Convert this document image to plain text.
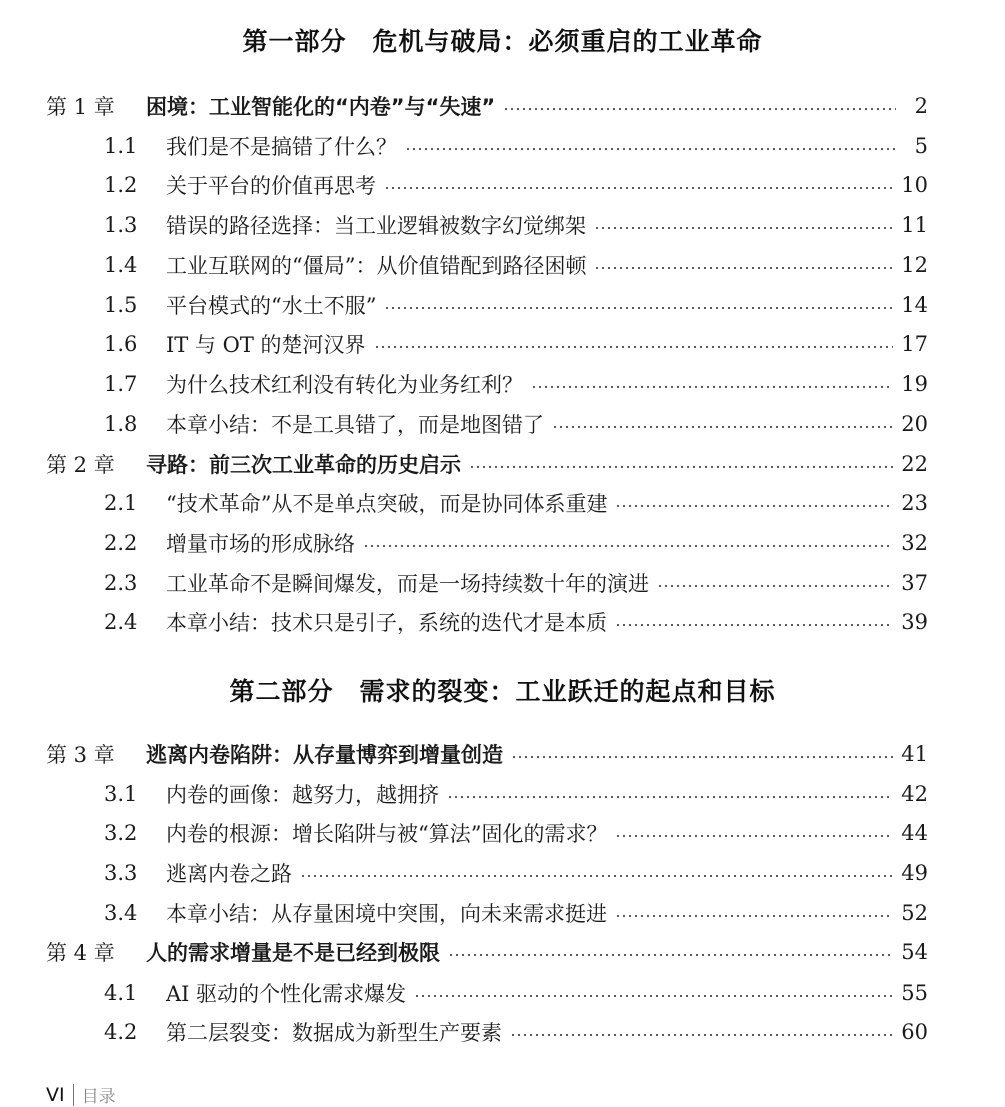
第一部分　危机与破局：必须重启的工业革命
第 1 章	困境：工业智能化的“内卷”与“失速”	2
1.1	我们是不是搞错了什么？	5
1.2	关于平台的价值再思考	10
1.3	错误的路径选择：当工业逻辑被数字幻觉绑架	11
1.4	工业互联网的“僵局”：从价值错配到路径困顿	12
1.5	平台模式的“水土不服”	14
1.6	IT 与 OT 的楚河汉界	17
1.7	为什么技术红利没有转化为业务红利？	19
1.8	本章小结：不是工具错了，而是地图错了	20
第 2 章	寻路：前三次工业革命的历史启示	22
2.1	“技术革命”从不是单点突破，而是协同体系重建	23
2.2	增量市场的形成脉络	32
2.3	工业革命不是瞬间爆发，而是一场持续数十年的演进	37
2.4	本章小结：技术只是引子，系统的迭代才是本质	39
第二部分　需求的裂变：工业跃迁的起点和目标
第 3 章	逃离内卷陷阱：从存量博弈到增量创造	41
3.1	内卷的画像：越努力，越拥挤	42
3.2	内卷的根源：增长陷阱与被“算法”固化的需求？	44
3.3	逃离内卷之路	49
3.4	本章小结：从存量困境中突围，向未来需求挺进	52
第 4 章	人的需求增量是不是已经到极限	54
4.1	AI 驱动的个性化需求爆发	55
4.2	第二层裂变：数据成为新型生产要素	60
VI 目录
